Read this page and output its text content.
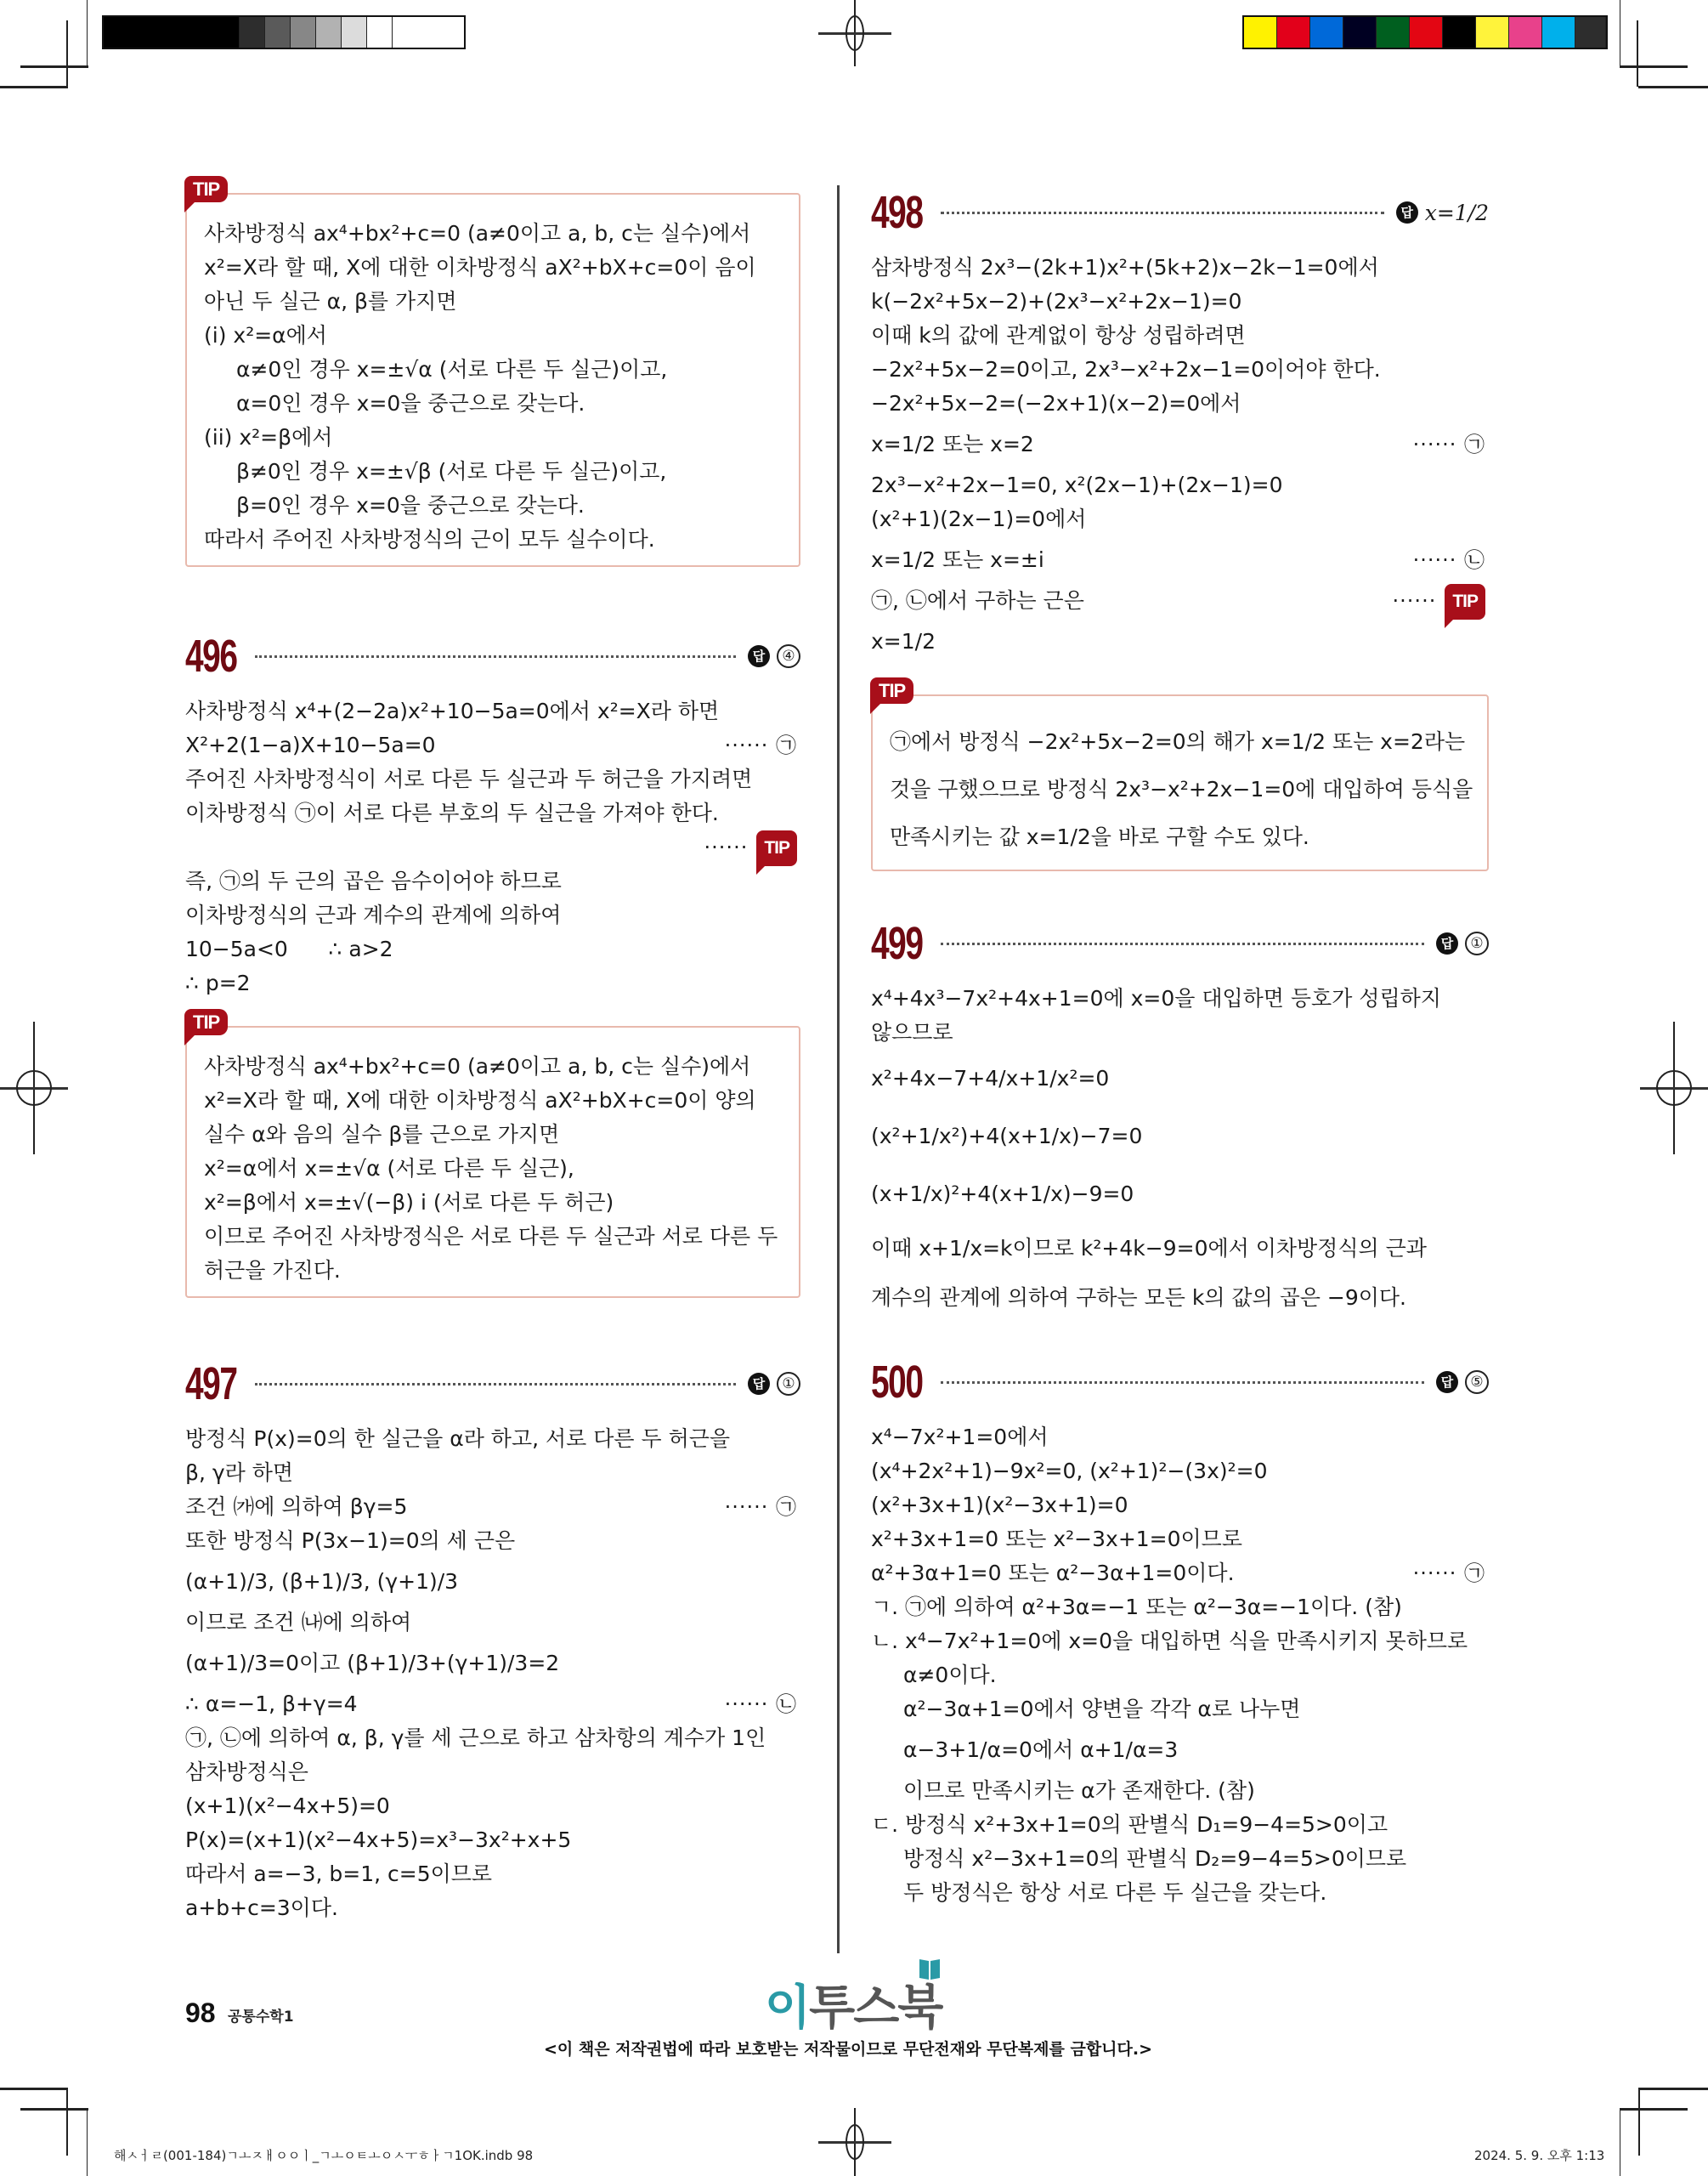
TIP
사차방정식 ax⁴+bx²+c=0 (a≠0이고 a, b, c는 실수)에서
x²=X라 할 때, X에 대한 이차방정식 aX²+bX+c=0이 음이
아닌 두 실근 α, β를 가지면
(i) x²=α에서
α≠0인 경우 x=±√α (서로 다른 두 실근)이고,
α=0인 경우 x=0을 중근으로 갖는다.
(ii) x²=β에서
β≠0인 경우 x=±√β (서로 다른 두 실근)이고,
β=0인 경우 x=0을 중근으로 갖는다.
따라서 주어진 사차방정식의 근이 모두 실수이다.
496	답	④
사차방정식 x⁴+(2−2a)x²+10−5a=0에서 x²=X라 하면
X²+2(1−a)X+10−5a=0	······ ㉠
주어진 사차방정식이 서로 다른 두 실근과 두 허근을 가지려면
이차방정식 ㉠이 서로 다른 부호의 두 실근을 가져야 한다.
······ TIP
즉, ㉠의 두 근의 곱은 음수이어야 하므로
이차방정식의 근과 계수의 관계에 의하여
10−5a<0      ∴ a>2
∴ p=2
TIP
사차방정식 ax⁴+bx²+c=0 (a≠0이고 a, b, c는 실수)에서
x²=X라 할 때, X에 대한 이차방정식 aX²+bX+c=0이 양의
실수 α와 음의 실수 β를 근으로 가지면
x²=α에서 x=±√α (서로 다른 두 실근),
x²=β에서 x=±√(−β) i (서로 다른 두 허근)
이므로 주어진 사차방정식은 서로 다른 두 실근과 서로 다른 두
허근을 가진다.
497	답	①
방정식 P(x)=0의 한 실근을 α라 하고, 서로 다른 두 허근을
β, γ라 하면
조건 ㈎에 의하여 βγ=5	······ ㉠
또한 방정식 P(3x−1)=0의 세 근은
(α+1)/3, (β+1)/3, (γ+1)/3
이므로 조건 ㈏에 의하여
(α+1)/3=0이고 (β+1)/3+(γ+1)/3=2
∴ α=−1, β+γ=4	······ ㉡
㉠, ㉡에 의하여 α, β, γ를 세 근으로 하고 삼차항의 계수가 1인
삼차방정식은
(x+1)(x²−4x+5)=0
P(x)=(x+1)(x²−4x+5)=x³−3x²+x+5
따라서 a=−3, b=1, c=5이므로
a+b+c=3이다.
498	답 x=1/2
삼차방정식 2x³−(2k+1)x²+(5k+2)x−2k−1=0에서
k(−2x²+5x−2)+(2x³−x²+2x−1)=0
이때 k의 값에 관계없이 항상 성립하려면
−2x²+5x−2=0이고, 2x³−x²+2x−1=0이어야 한다.
−2x²+5x−2=(−2x+1)(x−2)=0에서
x=1/2 또는 x=2	······ ㉠
2x³−x²+2x−1=0, x²(2x−1)+(2x−1)=0
(x²+1)(2x−1)=0에서
x=1/2 또는 x=±i	······ ㉡
㉠, ㉡에서 구하는 근은	······ TIP
x=1/2
TIP
㉠에서 방정식 −2x²+5x−2=0의 해가 x=1/2 또는 x=2라는
것을 구했으므로 방정식 2x³−x²+2x−1=0에 대입하여 등식을
만족시키는 값 x=1/2을 바로 구할 수도 있다.
499	답	①
x⁴+4x³−7x²+4x+1=0에 x=0을 대입하면 등호가 성립하지
않으므로
x²+4x−7+4/x+1/x²=0
(x²+1/x²)+4(x+1/x)−7=0
(x+1/x)²+4(x+1/x)−9=0
이때 x+1/x=k이므로 k²+4k−9=0에서 이차방정식의 근과
계수의 관계에 의하여 구하는 모든 k의 값의 곱은 −9이다.
500	답	⑤
x⁴−7x²+1=0에서
(x⁴+2x²+1)−9x²=0, (x²+1)²−(3x)²=0
(x²+3x+1)(x²−3x+1)=0
x²+3x+1=0 또는 x²−3x+1=0이므로
α²+3α+1=0 또는 α²−3α+1=0이다.	······ ㉠
ㄱ. ㉠에 의하여 α²+3α=−1 또는 α²−3α=−1이다. (참)
ㄴ. x⁴−7x²+1=0에 x=0을 대입하면 식을 만족시키지 못하므로
α≠0이다.
α²−3α+1=0에서 양변을 각각 α로 나누면
α−3+1/α=0에서 α+1/α=3
이므로 만족시키는 α가 존재한다. (참)
ㄷ. 방정식 x²+3x+1=0의 판별식 D₁=9−4=5>0이고
방정식 x²−3x+1=0의 판별식 D₂=9−4=5>0이므로
두 방정식은 항상 서로 다른 두 실근을 갖는다.
98 공통수학1	이투스북
<이 책은 저작권법에 따라 보호받는 저작물이므로 무단전재와 무단복제를 금합니다.>
해ㅅㅓㄹ(001-184)ㄱㅗㅈㅐㅇㅇㅣ_ㄱㅗㅇㅌㅗㅇㅅㅜㅎㅏㄱ1OK.indb 98	2024. 5. 9. 오후 1:13
